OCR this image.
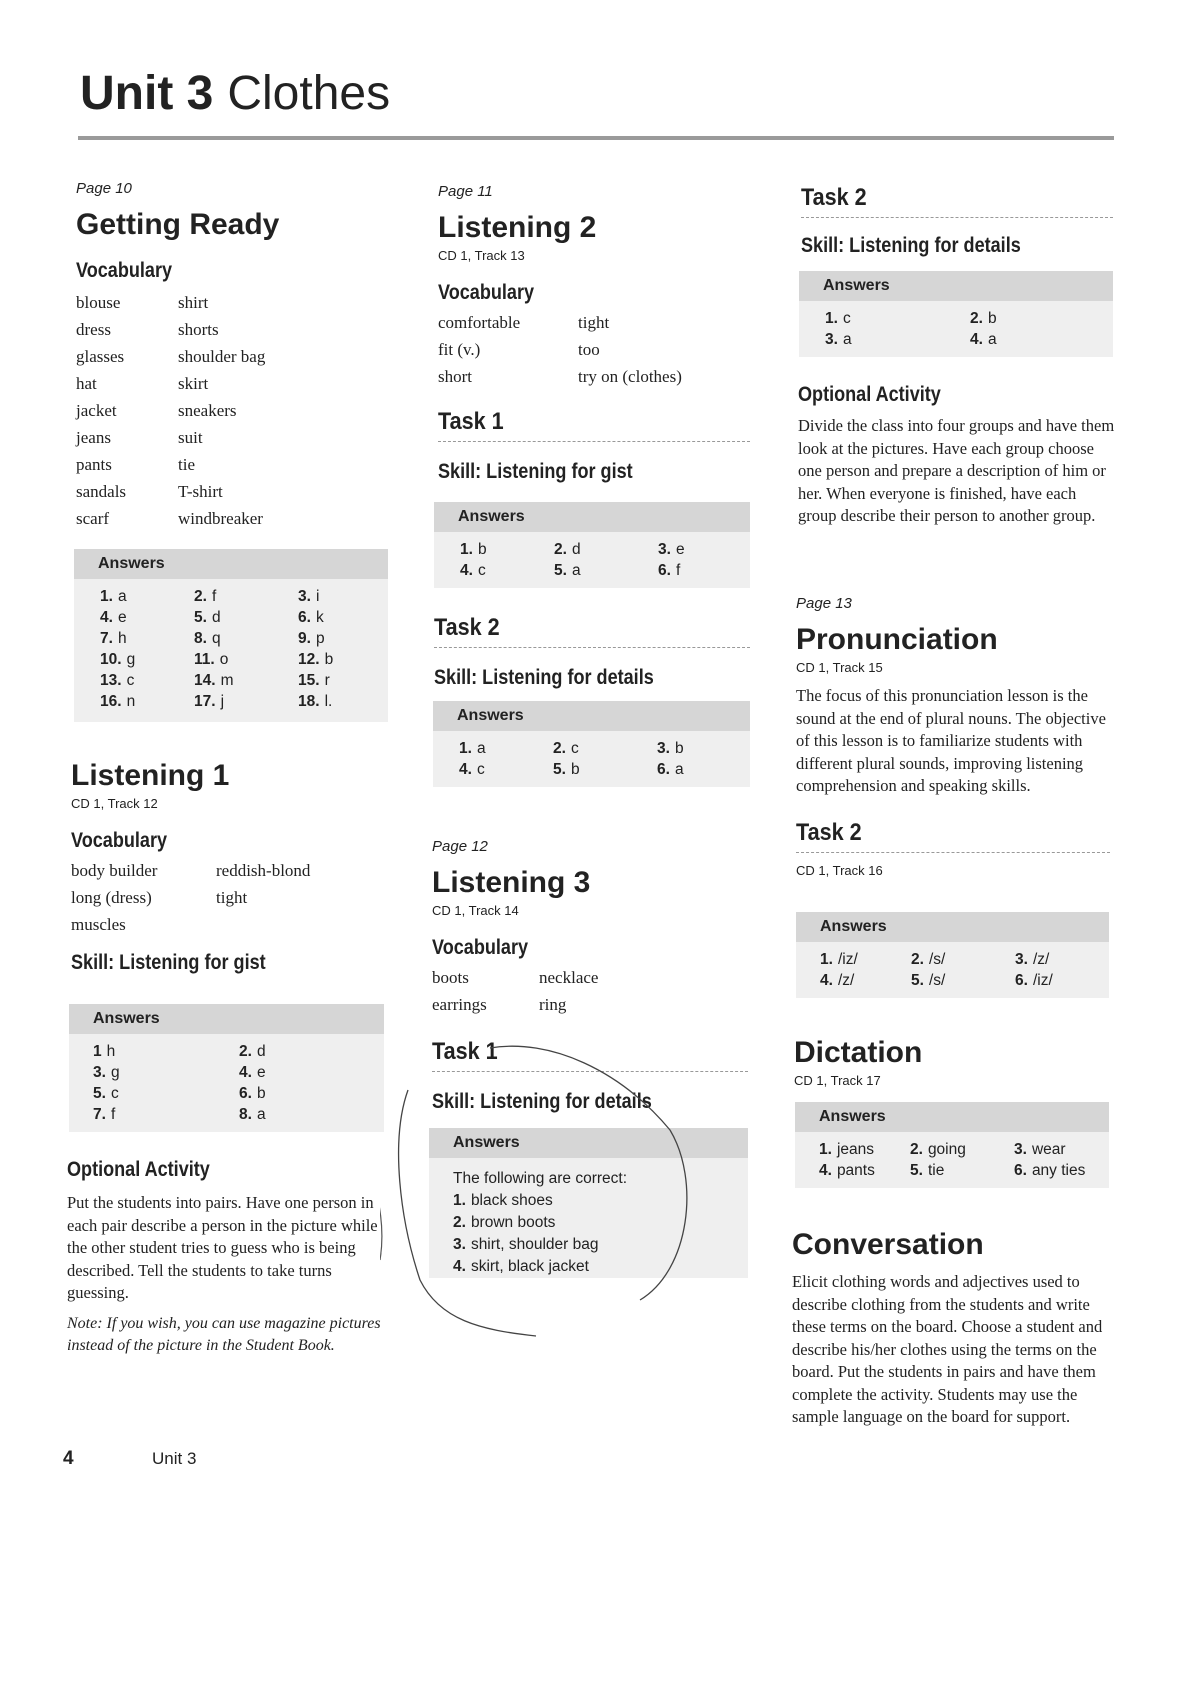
Unit 3 Clothes

Page 10

Getting Ready
Vocabulary
blouse	shirt
dress	shorts
glasses	shoulder bag
hat	skirt
jacket	sneakers
jeans	suit
pants	tie
sandals	T-shirt
scarf	windbreaker
Answers
1. a	2. f	3. i
4. e	5. d	6. k
7. h	8. q	9. p
10. g	11. o	12. b
13. c	14. m	15. r
16. n	17. j	18. l.
Listening 1

CD 1, Track 12

Vocabulary
body builder	reddish-blond
long (dress)	tight
muscles
Skill: Listening for gist
Answers
1 h	2. d
3. g	4. e
5. c	6. b
7. f	8. a
Optional Activity

Put the students into pairs. Have one person in each pair describe a person in the picture while the other student tries to guess who is being described. Tell the students to take turns guessing.

Note: If you wish, you can use magazine pictures instead of the picture in the Student Book.

Page 11

Listening 2

CD 1, Track 13

Vocabulary
comfortable	tight
fit (v.)	too
short	try on (clothes)
Task 1
Skill: Listening for gist
Answers
1. b	2. d	3. e
4. c	5. a	6. f
Task 2
Skill: Listening for details
Answers
1. a	2. c	3. b
4. c	5. b	6. a

Page 12

Listening 3

CD 1, Track 14

Vocabulary
boots	necklace
earrings	ring
Task 1
Skill: Listening for details
Answers
The following are correct:
1. black shoes
2. brown boots
3. shirt, shoulder bag
4. skirt, black jacket
Task 2
Skill: Listening for details
Answers
1. c	2. b
3. a	4. a
Optional Activity

Divide the class into four groups and have them look at the pictures. Have each group choose one person and prepare a description of him or her. When everyone is finished, have each group describe their person to another group.

Page 13

Pronunciation

CD 1, Track 15

The focus of this pronunciation lesson is the sound at the end of plural nouns. The objective of this lesson is to familiarize students with different plural sounds, improving listening comprehension and speaking skills.

Task 2

CD 1, Track 16

Answers
1. /iz/	2. /s/	3. /z/
4. /z/	5. /s/	6. /iz/
Dictation

CD 1, Track 17

Answers
1. jeans	2. going	3. wear
4. pants	5. tie	6. any ties
Conversation

Elicit clothing words and adjectives used to describe clothing from the students and write these terms on the board. Choose a student and describe his/her clothes using the terms on the board. Put the students in pairs and have them complete the activity. Students may use the sample language on the board for support.

4	Unit 3
